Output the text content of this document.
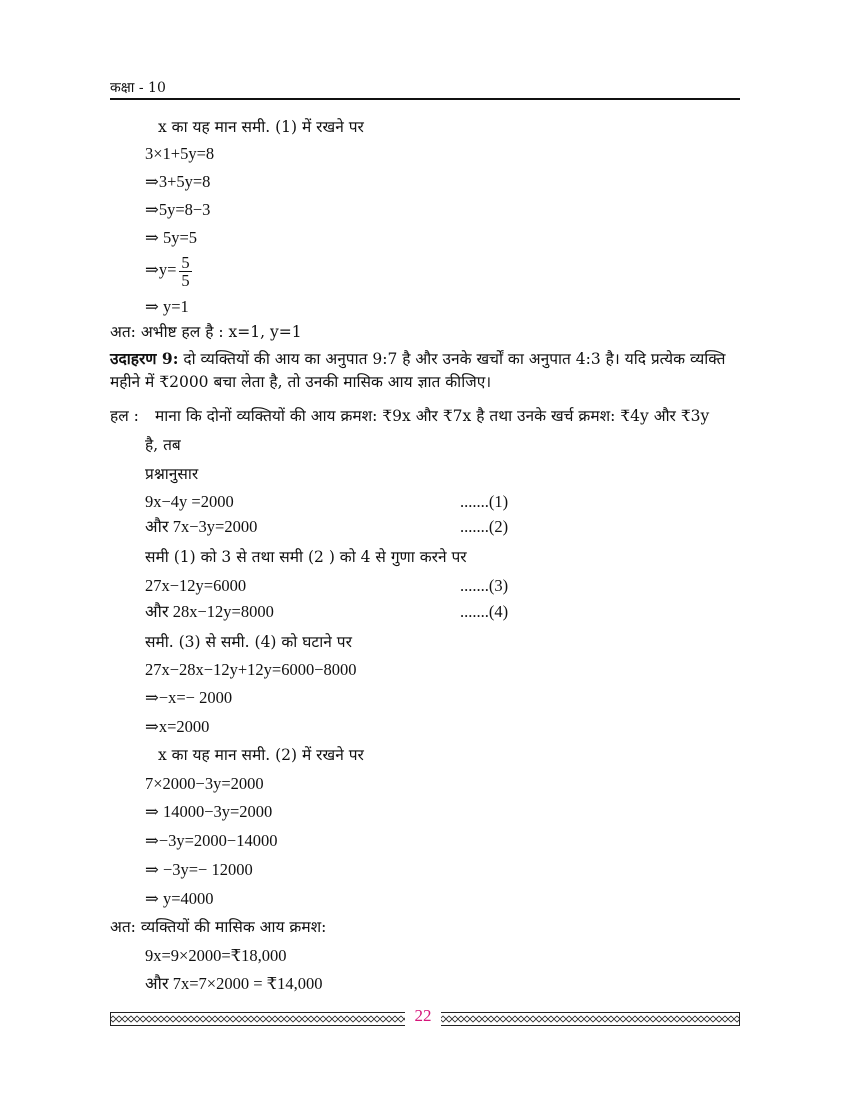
कक्षा - 10
x का यह मान समी. (1) में रखने पर
3×1+5y=8
⇒3+5y=8
⇒5y=8−3
⇒ 5y=5
⇒y= $\frac{5}{5}$
⇒ y=1
अत: अभीष्ट हल है : x=1, y=1
उदाहरण 9: दो व्यक्तियों की आय का अनुपात 9:7 है और उनके खर्चों का अनुपात 4:3 है। यदि प्रत्येक व्यक्ति महीने में ₹2000 बचा लेता है, तो उनकी मासिक आय ज्ञात कीजिए।
हल : माना कि दोनों व्यक्तियों की आय क्रमश: ₹9x और ₹7x है तथा उनके खर्च क्रमश: ₹4y और ₹3y
है, तब
प्रश्नानुसार
9x−4y =2000	.......(1)
और 7x−3y=2000	.......(2)
समी (1) को 3 से तथा समी (2 ) को 4 से गुणा करने पर
27x−12y=6000	.......(3)
और 28x−12y=8000	.......(4)
समी. (3) से समी. (4) को घटाने पर
27x−28x−12y+12y=6000−8000
⇒−x=− 2000
⇒x=2000
x का यह मान समी. (2) में रखने पर
7×2000−3y=2000
⇒ 14000−3y=2000
⇒−3y=2000−14000
⇒ −3y=− 12000
⇒ y=4000
अत: व्यक्तियों की मासिक आय क्रमश:
9x=9×2000=₹18,000
और 7x=7×2000 = ₹14,000
22
